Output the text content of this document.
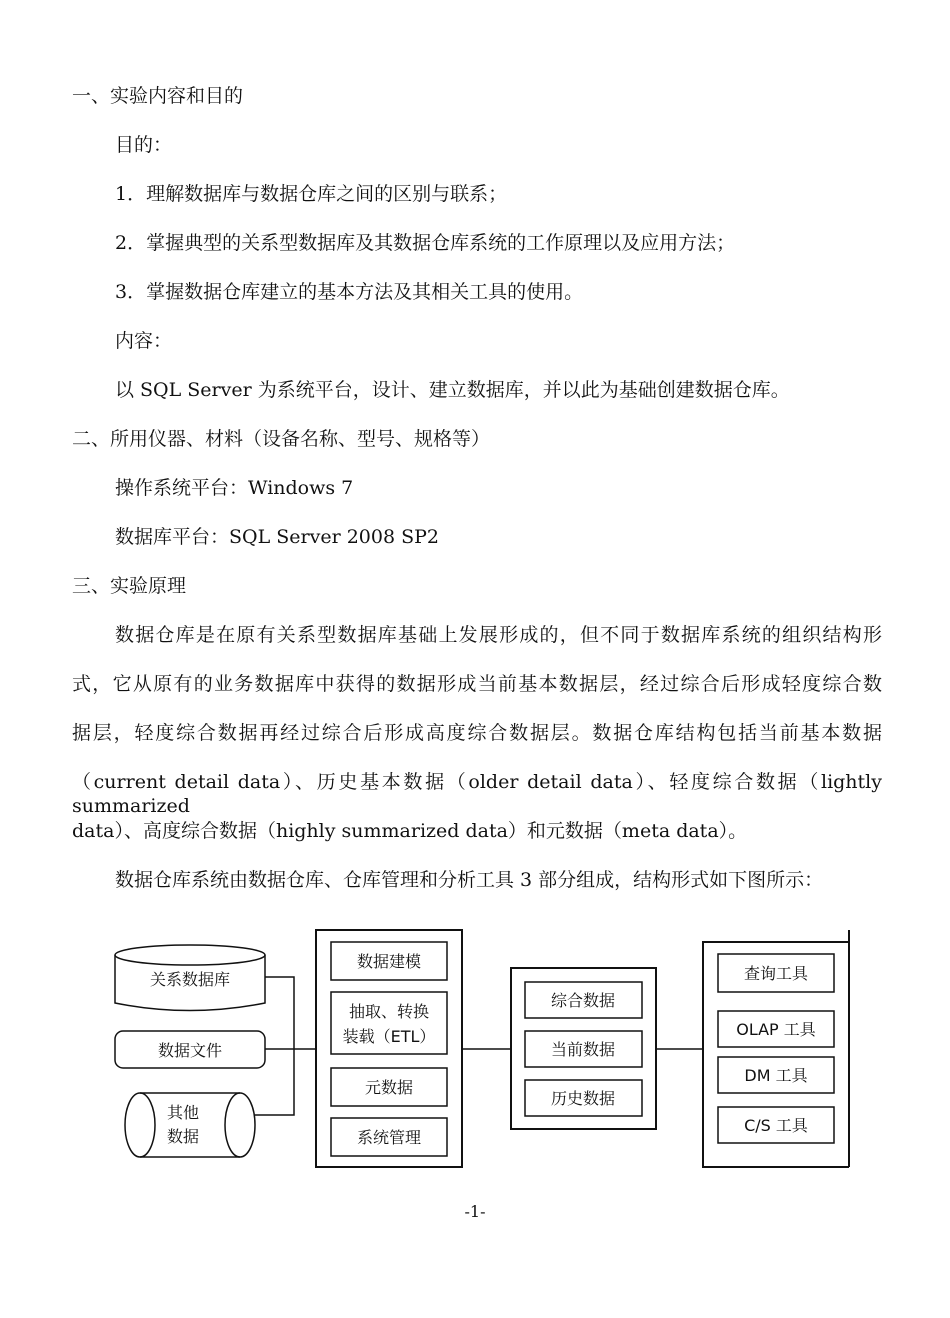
一、实验内容和目的
目的：
1．理解数据库与数据仓库之间的区别与联系；
2．掌握典型的关系型数据库及其数据仓库系统的工作原理以及应用方法；
3．掌握数据仓库建立的基本方法及其相关工具的使用。
内容：
以 SQL Server 为系统平台，设计、建立数据库，并以此为基础创建数据仓库。
二、所用仪器、材料（设备名称、型号、规格等）
操作系统平台：Windows 7
数据库平台：SQL Server 2008 SP2
三、实验原理
数据仓库是在原有关系型数据库基础上发展形成的，但不同于数据库系统的组织结构形
式，它从原有的业务数据库中获得的数据形成当前基本数据层，经过综合后形成轻度综合数
据层，轻度综合数据再经过综合后形成高度综合数据层。数据仓库结构包括当前基本数据
（current detail data）、历史基本数据（older detail data）、轻度综合数据（lightly summarized
data）、高度综合数据（highly summarized data）和元数据（meta data）。
数据仓库系统由数据仓库、仓库管理和分析工具 3 部分组成，结构形式如下图所示：
关系数据库
数据文件
其他
数据
数据建模
抽取、转换
装载（ETL）
元数据
系统管理
综合数据
当前数据
历史数据
查询工具
OLAP 工具
DM 工具
C/S 工具
-1-
